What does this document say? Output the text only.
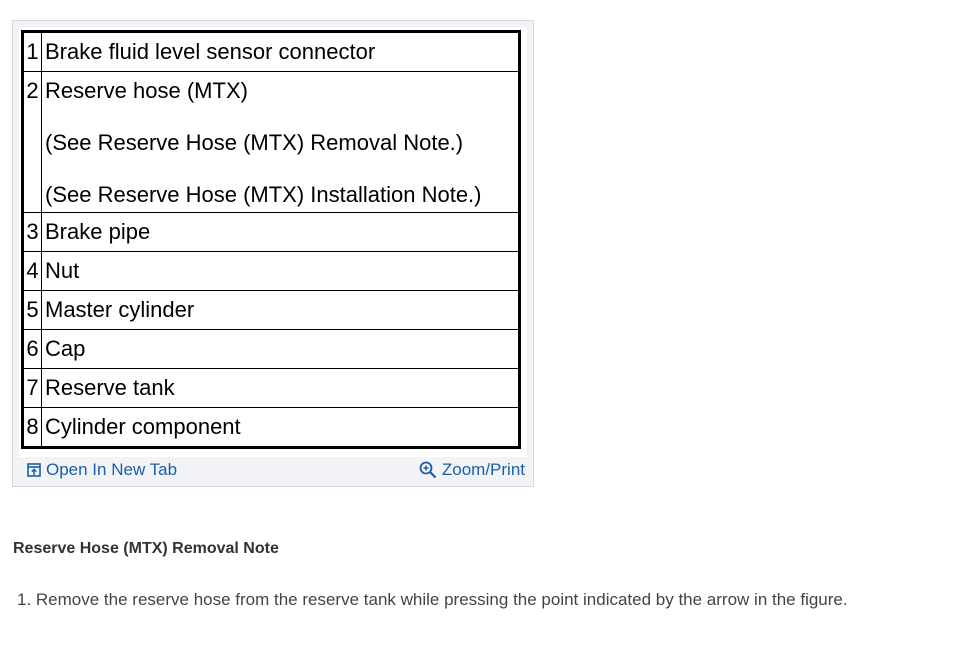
1	Brake fluid level sensor connector
2	Reserve hose (MTX)
(See Reserve Hose (MTX) Removal Note.)
(See Reserve Hose (MTX) Installation Note.)

3	Brake pipe
4	Nut
5	Master cylinder
6	Cap
7	Reserve tank
8	Cylinder component
Open In New Tab	Zoom/Print
Reserve Hose (MTX) Removal Note
1. Remove the reserve hose from the reserve tank while pressing the point indicated by the arrow in the figure.
